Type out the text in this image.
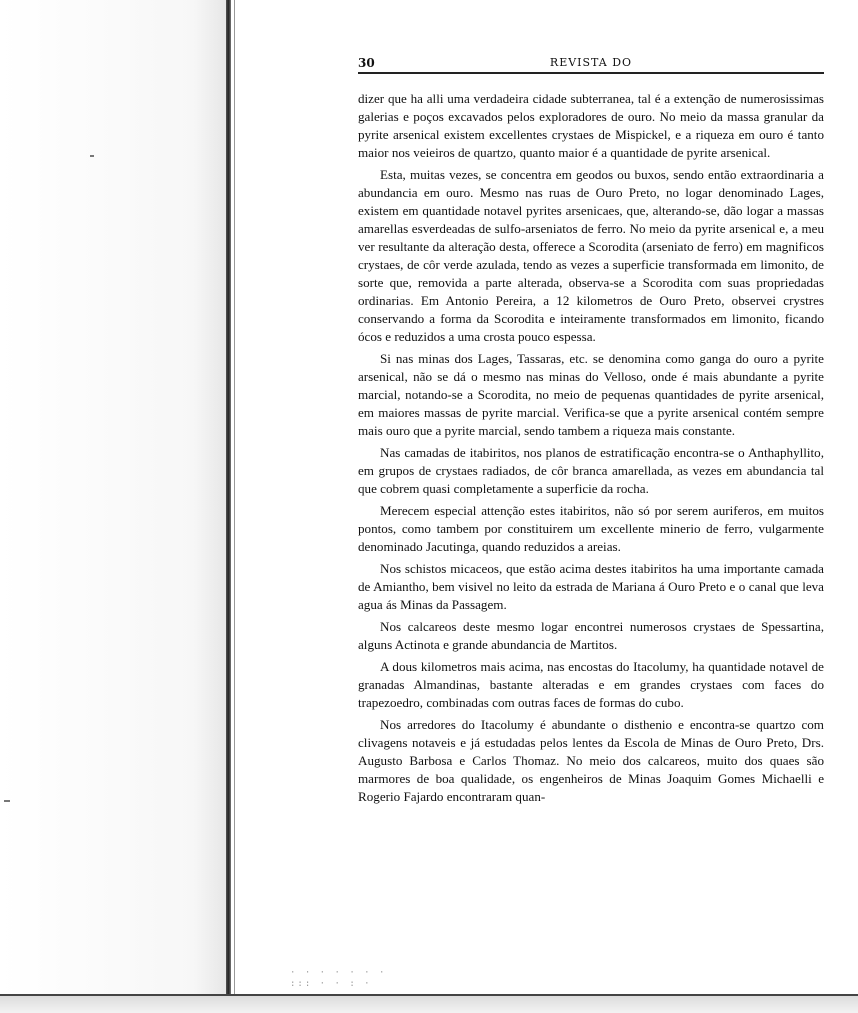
30	REVISTA DO

dizer que ha alli uma verdadeira cidade subterranea, tal é a extenção de numerosissimas galerias e poços excavados pelos exploradores de ouro. No meio da massa granular da pyrite arsenical existem excellentes crystaes de Mispickel, e a riqueza em ouro é tanto maior nos veieiros de quartzo, quanto maior é a quantidade de pyrite arsenical.

Esta, muitas vezes, se concentra em geodos ou buxos, sendo então extraordinaria a abundancia em ouro. Mesmo nas ruas de Ouro Preto, no logar denominado Lages, existem em quantidade notavel pyrites arsenicaes, que, alterando-se, dão logar a massas amarellas esverdeadas de sulfo-arseniatos de ferro. No meio da pyrite arsenical e, a meu ver resultante da alteração desta, offerece a Scorodita (arseniato de ferro) em magnificos crystaes, de côr verde azulada, tendo as vezes a superficie transformada em limonito, de sorte que, removida a parte alterada, observa-se a Scorodita com suas propriedadas ordinarias. Em Antonio Pereira, a 12 kilometros de Ouro Preto, observei crystres conservando a forma da Scorodita e inteiramente transformados em limonito, ficando ócos e reduzidos a uma crosta pouco espessa.

Si nas minas dos Lages, Tassaras, etc. se denomina como ganga do ouro a pyrite arsenical, não se dá o mesmo nas minas do Velloso, onde é mais abundante a pyrite marcial, notando-se a Scorodita, no meio de pequenas quantidades de pyrite arsenical, em maiores massas de pyrite marcial. Verifica-se que a pyrite arsenical contém sempre mais ouro que a pyrite marcial, sendo tambem a riqueza mais constante.

Nas camadas de itabiritos, nos planos de estratificação encontra-se o Anthaphyllito, em grupos de crystaes radiados, de côr branca amarellada, as vezes em abundancia tal que cobrem quasi completamente a superficie da rocha.

Merecem especial attenção estes itabiritos, não só por serem auriferos, em muitos pontos, como tambem por constituirem um excellente minerio de ferro, vulgarmente denominado Jacutinga, quando reduzidos a areias.

Nos schistos micaceos, que estão acima destes itabiritos ha uma importante camada de Amiantho, bem visivel no leito da estrada de Mariana á Ouro Preto e o canal que leva agua ás Minas da Passagem.

Nos calcareos deste mesmo logar encontrei numerosos crystaes de Spessartina, alguns Actinota e grande abundancia de Martitos.

A dous kilometros mais acima, nas encostas do Itacolumy, ha quantidade notavel de granadas Almandinas, bastante alteradas e em grandes crystaes com faces do trapezoedro, combinadas com outras faces de formas do cubo.

Nos arredores do Itacolumy é abundante o disthenio e encontra-se quartzo com clivagens notaveis e já estudadas pelos lentes da Escola de Minas de Ouro Preto, Drs. Augusto Barbosa e Carlos Thomaz. No meio dos calcareos, muito dos quaes são marmores de boa qualidade, os engenheiros de Minas Joaquim Gomes Michaelli e Rogerio Fajardo encontraram quan-

· · · · · · ·
::: · · : ·
